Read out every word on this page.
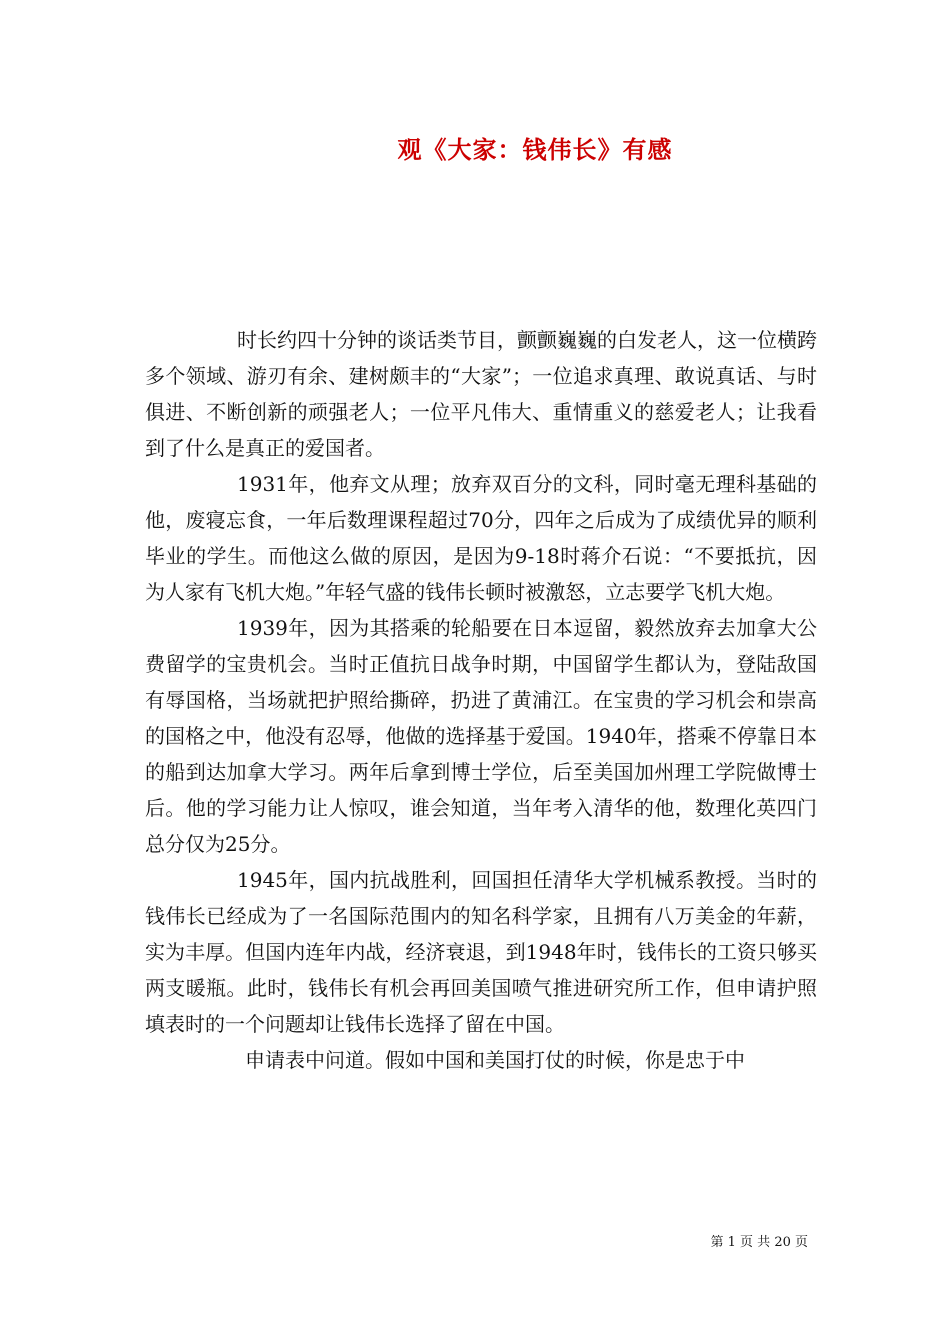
观《大家：钱伟长》有感

时长约四十分钟的谈话类节目，颤颤巍巍的白发老人，这一位横跨多个领域、游刃有余、建树颇丰的“大家”；一位追求真理、敢说真话、与时俱进、不断创新的顽强老人；一位平凡伟大、重情重义的慈爱老人；让我看到了什么是真正的爱国者。

1931年，他弃文从理；放弃双百分的文科，同时毫无理科基础的他，废寝忘食，一年后数理课程超过70分，四年之后成为了成绩优异的顺利毕业的学生。而他这么做的原因，是因为9-18时蒋介石说：“不要抵抗，因为人家有飞机大炮。”年轻气盛的钱伟长顿时被激怒，立志要学飞机大炮。

1939年，因为其搭乘的轮船要在日本逗留，毅然放弃去加拿大公费留学的宝贵机会。当时正值抗日战争时期，中国留学生都认为，登陆敌国有辱国格，当场就把护照给撕碎，扔进了黄浦江。在宝贵的学习机会和崇高的国格之中，他没有忍辱，他做的选择基于爱国。1940年，搭乘不停靠日本的船到达加拿大学习。两年后拿到博士学位，后至美国加州理工学院做博士后。他的学习能力让人惊叹，谁会知道，当年考入清华的他，数理化英四门总分仅为25分。

1945年，国内抗战胜利，回国担任清华大学机械系教授。当时的钱伟长已经成为了一名国际范围内的知名科学家，且拥有八万美金的年薪，实为丰厚。但国内连年内战，经济衰退，到1948年时，钱伟长的工资只够买两支暖瓶。此时，钱伟长有机会再回美国喷气推进研究所工作，但申请护照填表时的一个问题却让钱伟长选择了留在中国。

申请表中问道。假如中国和美国打仗的时候，你是忠于中

第 1 页 共 20 页
